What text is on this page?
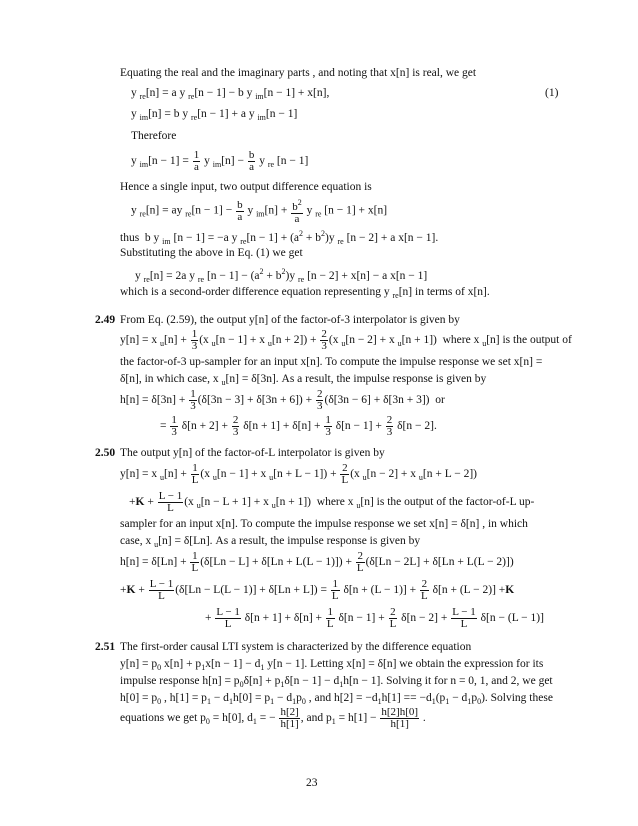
Equating the real and the imaginary parts , and noting that x[n] is real, we get
y $_{re}$[n] = a y $_{re}$[n − 1] − b y $_{im}$[n − 1] + x[n],	(1)
y $_{im}$[n] = b y $_{re}$[n − 1] + a y $_{im}$[n − 1]
Therefore
y $_{im}[n - 1] = \frac{1}{a}$ y $_{im}[n] - \frac{b}{a}$ y $_{re}$ [n − 1]
Hence a single input, two output difference equation is
y $_{re}$[n] = ay $_{re}[n - 1] - \frac{b}{a}$ y $_{im}[n] + \frac{b^2}{a}$ y $_{re}$ [n − 1] + x[n]
thus  b y $_{im}$ [n − 1] = −a y $_{re}[n - 1] + (a^2 + b^2)y$ $_{re}$ [n − 2] + a x[n − 1].
Substituting the above in Eq. (1) we get
y $_{re}$[n] = 2a y $_{re}$ $[n - 1] - (a^2 + b^2)y$ $_{re}$ [n − 2] + x[n] − a x[n − 1]
which is a second-order difference equation representing y $_{re}$[n] in terms of x[n].
2.49 From Eq. (2.59), the output y[n] of the factor-of-3 interpolator is given by
y[n] = x $_u[n] + \frac{1}{3} (x$ $_u$[n − 1] + x $_u[n + 2]) + \frac{2}{3} (x$ $_u$[n − 2] + x $_u$[n + 1])  where x $_u$[n] is the output of
the factor-of-3 up-sampler for an input x[n]. To compute the impulse response we set x[n] =
δ[n], in which case, x $_u$[n] = δ[3n]. As a result, the impulse response is given by
$h[n] = \delta[3n] + \frac{1}{3} (\delta[3n - 3] + \delta[3n + 6]) + \frac{2}{3} (\delta[3n - 6] + \delta[3n + 3])$  or
= $\frac{1}{3} \delta[n + 2] + \frac{2}{3} \delta[n + 1] + \delta[n] + \frac{1}{3} \delta[n - 1] + \frac{2}{3} \delta[n - 2]$.
2.50 The output y[n] of the factor-of-L interpolator is given by
y[n] = x $_u[n] + \frac{1}{L} (x$ $_u$[n − 1] + x $_u[n + L - 1]) + \frac{2}{L} (x$ $_u$[n − 2] + x $_u$[n + L − 2])
$+K + \frac{L - 1}{L} (x$ $_u$[n − L + 1] + x $_u$[n + 1])  where x $_u$[n] is the output of the factor-of-L up-
sampler for an input x[n]. To compute the impulse response we set x[n] = δ[n] , in which
case, x $_u$[n] = δ[Ln]. As a result, the impulse response is given by
$h[n] = \delta[Ln] + \frac{1}{L} (\delta[Ln - L] + \delta[Ln + L(L - 1)]) + \frac{2}{L} (\delta[Ln - 2L] + \delta[Ln + L(L - 2)])$
$+K + \frac{L - 1}{L} (\delta[Ln - L(L - 1)] + \delta[Ln + L]) = \frac{1}{L} \delta[n + (L - 1)] + \frac{2}{L} \delta[n + (L - 2)] +K$
+ $\frac{L - 1}{L} \delta[n + 1] + \delta[n] + \frac{1}{L} \delta[n - 1] + \frac{2}{L} \delta[n - 2] + \frac{L - 1}{L} \delta[n - (L - 1)]$
2.51 The first-order causal LTI system is characterized by the difference equation
$y[n] = p_0$ $x[n] + p_1x[n - 1] - d_1$ y[n − 1]. Letting x[n] = δ[n] we obtain the expression for its
impulse response $h[n] = p_0\delta[n] + p_1\delta[n - 1] - d_1h[n - 1]$. Solving it for n = 0, 1, and 2, we get
$h[0] = p_0$ , $h[1] = p_1 - d_1h[0] = p_1 - d_1p_0$ , and $h[2] = -d_1h[1] == -d_1(p_1 - d_1p_0)$. Solving these
equations we get $p_0 = h[0]$, $d_1$ = − $\frac{h[2]}{h[1]}$ , and $p_1 = h[1] - \frac{h[2]h[0]}{h[1]}$ .
23
